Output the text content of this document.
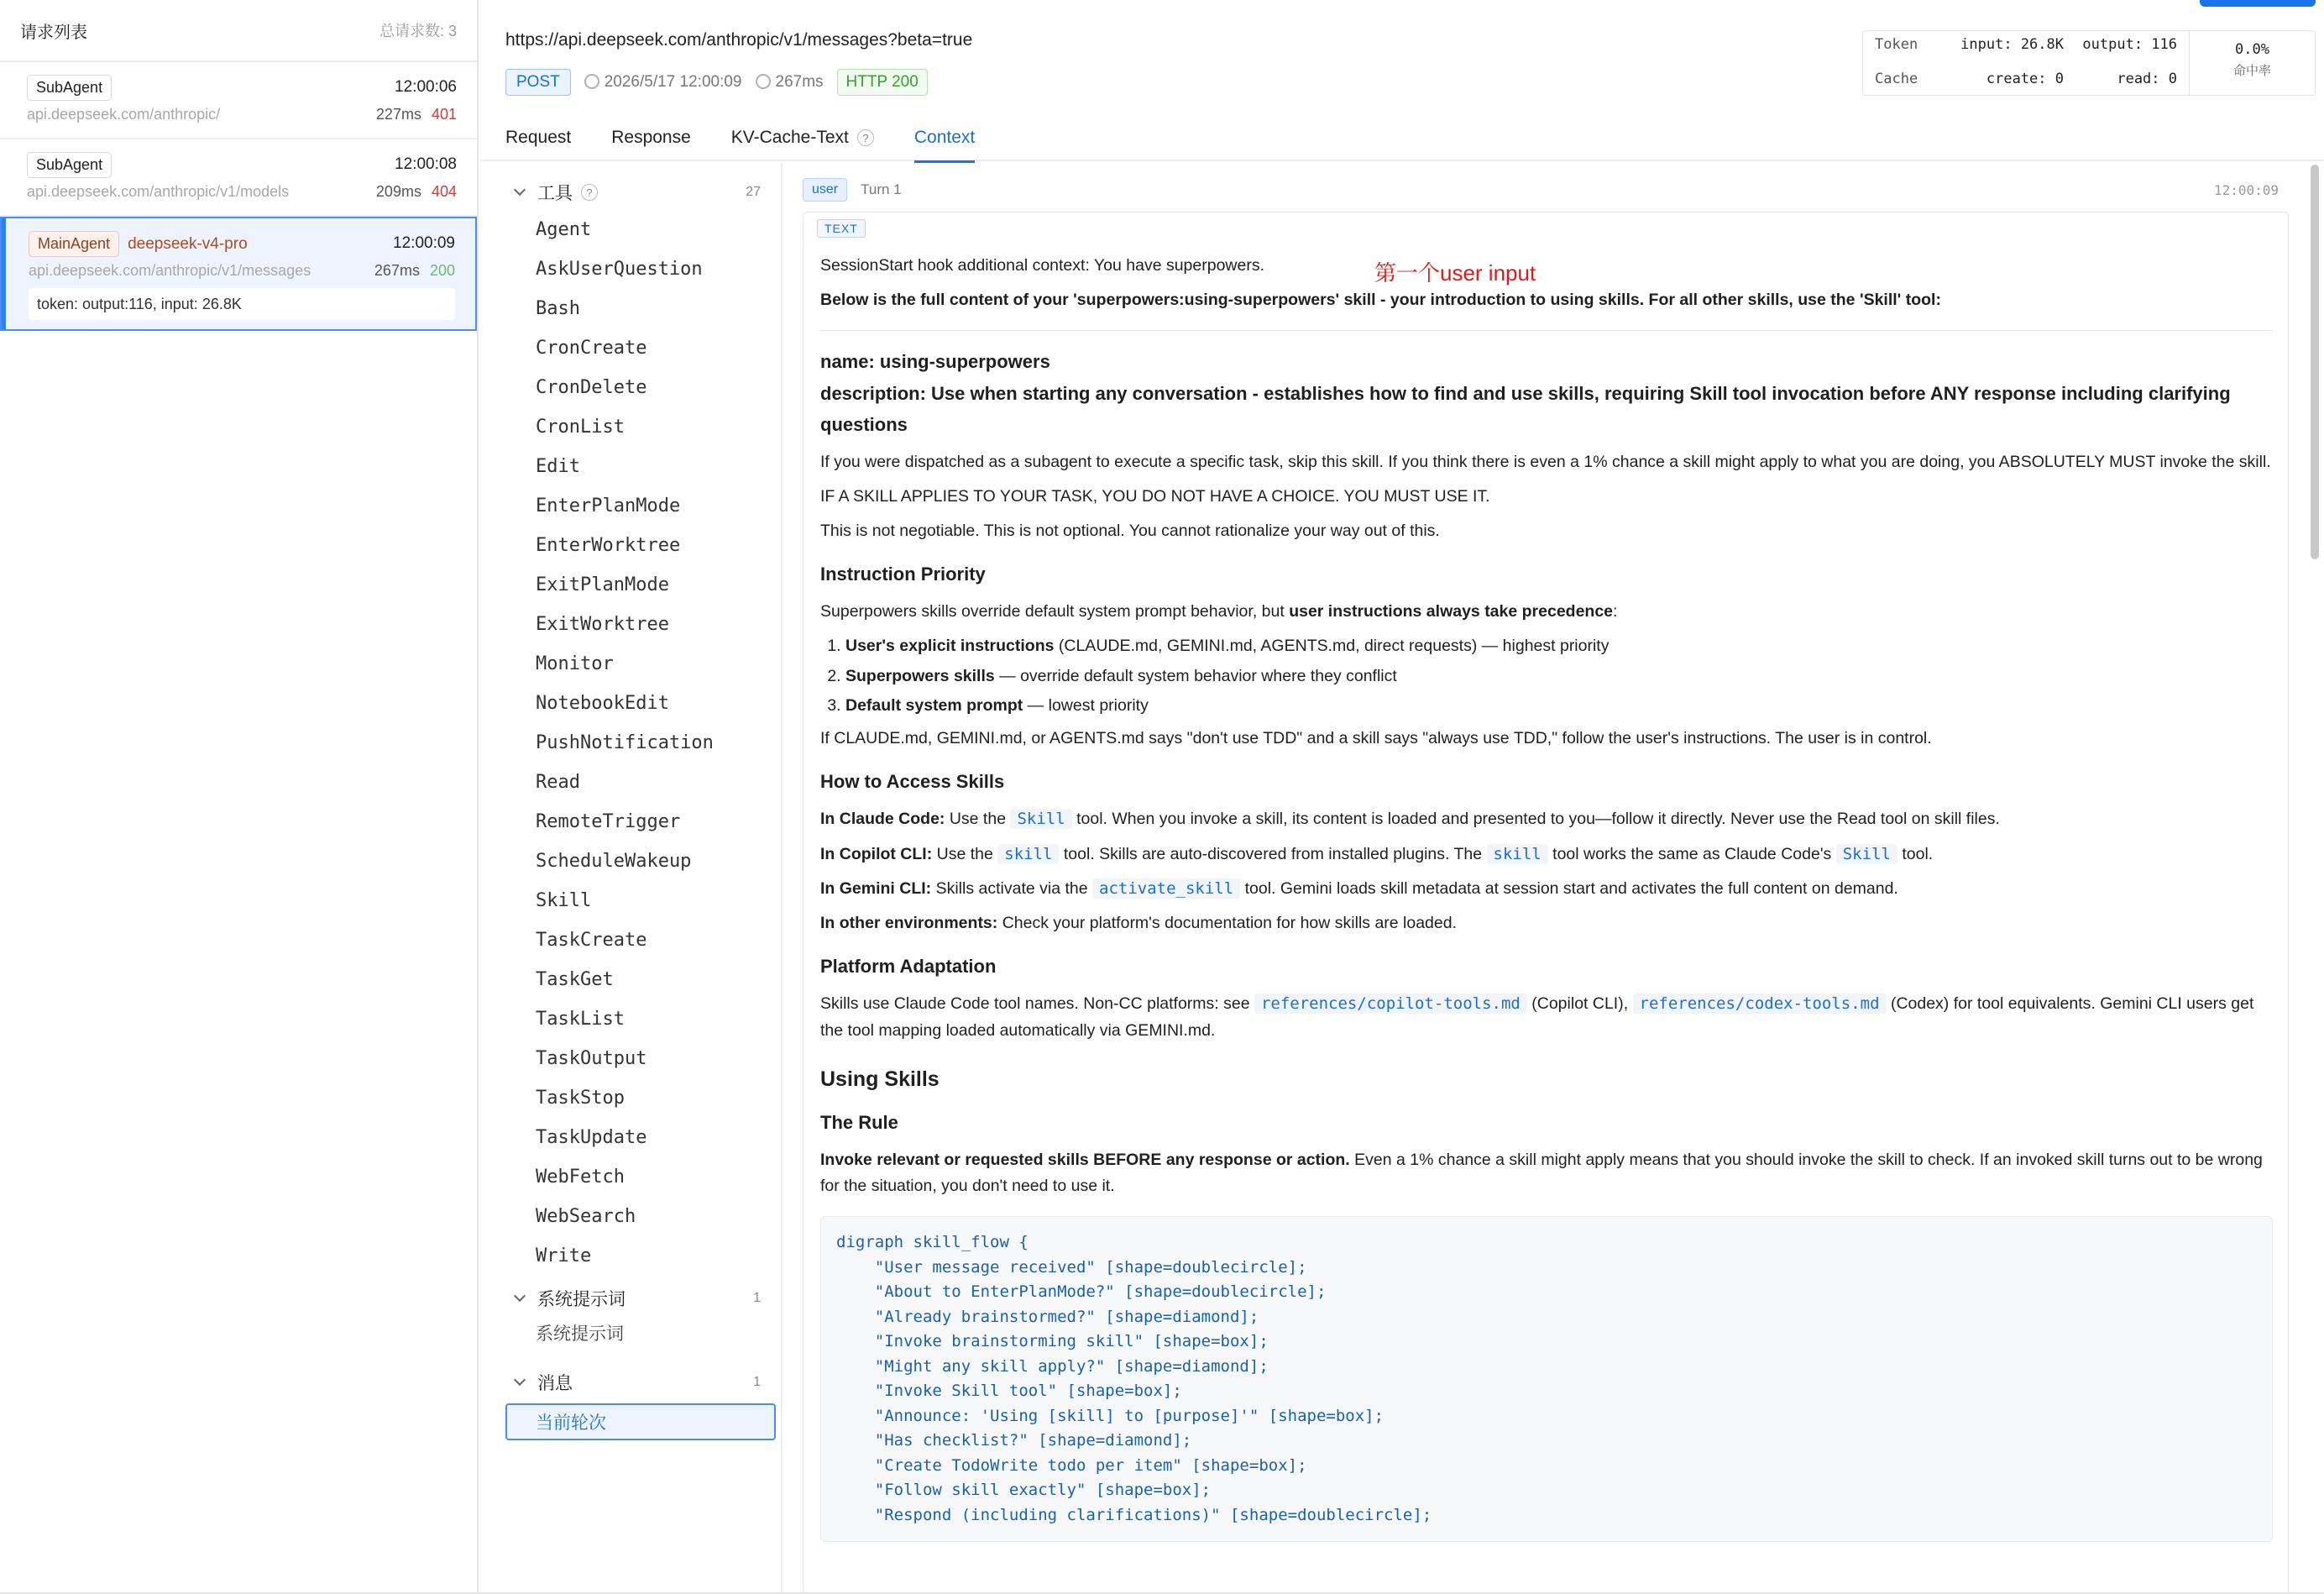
请求列表	总请求数: 3
SubAgent	12:00:06
api.deepseek.com/anthropic/	227ms 401
SubAgent	12:00:08
api.deepseek.com/anthropic/v1/models	209ms 404
MainAgent deepseek-v4-pro	12:00:09
api.deepseek.com/anthropic/v1/messages	267ms 200
token: output:116, input: 26.8K
https://api.deepseek.com/anthropic/v1/messages?beta=true
POST	2026/5/17 12:00:09	267ms	HTTP 200
Token	input: 26.8K	output: 116
Cache	create: 0	read: 0
0.0%
命中率
Request Response KV-Cache-Text	?	Context
工具	?	27
Agent
AskUserQuestion
Bash
CronCreate
CronDelete
CronList
Edit
EnterPlanMode
EnterWorktree
ExitPlanMode
ExitWorktree
Monitor
NotebookEdit
PushNotification
Read
RemoteTrigger
ScheduleWakeup
Skill
TaskCreate
TaskGet
TaskList
TaskOutput
TaskStop
TaskUpdate
WebFetch
WebSearch
Write
系统提示词	1
系统提示词
消息	1
当前轮次
user	Turn 1	12:00:09
TEXT
第一个user input

SessionStart hook additional context: You have superpowers.

Below is the full content of your 'superpowers:using-superpowers' skill - your introduction to using skills. For all other skills, use the 'Skill' tool:

name: using-superpowers
description: Use when starting any conversation - establishes how to find and use skills, requiring Skill tool invocation before ANY response including clarifying questions

If you were dispatched as a subagent to execute a specific task, skip this skill. If you think there is even a 1% chance a skill might apply to what you are doing, you ABSOLUTELY MUST invoke the skill.

IF A SKILL APPLIES TO YOUR TASK, YOU DO NOT HAVE A CHOICE. YOU MUST USE IT.

This is not negotiable. This is not optional. You cannot rationalize your way out of this.

Instruction Priority

Superpowers skills override default system prompt behavior, but user instructions always take precedence:

1. User's explicit instructions (CLAUDE.md, GEMINI.md, AGENTS.md, direct requests) — highest priority
2. Superpowers skills — override default system behavior where they conflict
3. Default system prompt — lowest priority

If CLAUDE.md, GEMINI.md, or AGENTS.md says "don't use TDD" and a skill says "always use TDD," follow the user's instructions. The user is in control.

How to Access Skills

In Claude Code: Use the Skill tool. When you invoke a skill, its content is loaded and presented to you—follow it directly. Never use the Read tool on skill files.

In Copilot CLI: Use the skill tool. Skills are auto-discovered from installed plugins. The skill tool works the same as Claude Code's Skill tool.

In Gemini CLI: Skills activate via the activate_skill tool. Gemini loads skill metadata at session start and activates the full content on demand.

In other environments: Check your platform's documentation for how skills are loaded.

Platform Adaptation

Skills use Claude Code tool names. Non-CC platforms: see references/copilot-tools.md (Copilot CLI), references/codex-tools.md (Codex) for tool equivalents. Gemini CLI users get the tool mapping loaded automatically via GEMINI.md.

Using Skills
The Rule

Invoke relevant or requested skills BEFORE any response or action. Even a 1% chance a skill might apply means that you should invoke the skill to check. If an invoked skill turns out to be wrong for the situation, you don't need to use it.

digraph skill_flow {
"User message received" [shape=doublecircle];
"About to EnterPlanMode?" [shape=doublecircle];
"Already brainstormed?" [shape=diamond];
"Invoke brainstorming skill" [shape=box];
"Might any skill apply?" [shape=diamond];
"Invoke Skill tool" [shape=box];
"Announce: 'Using [skill] to [purpose]'" [shape=box];
"Has checklist?" [shape=diamond];
"Create TodoWrite todo per item" [shape=box];
"Follow skill exactly" [shape=box];
"Respond (including clarifications)" [shape=doublecircle];
